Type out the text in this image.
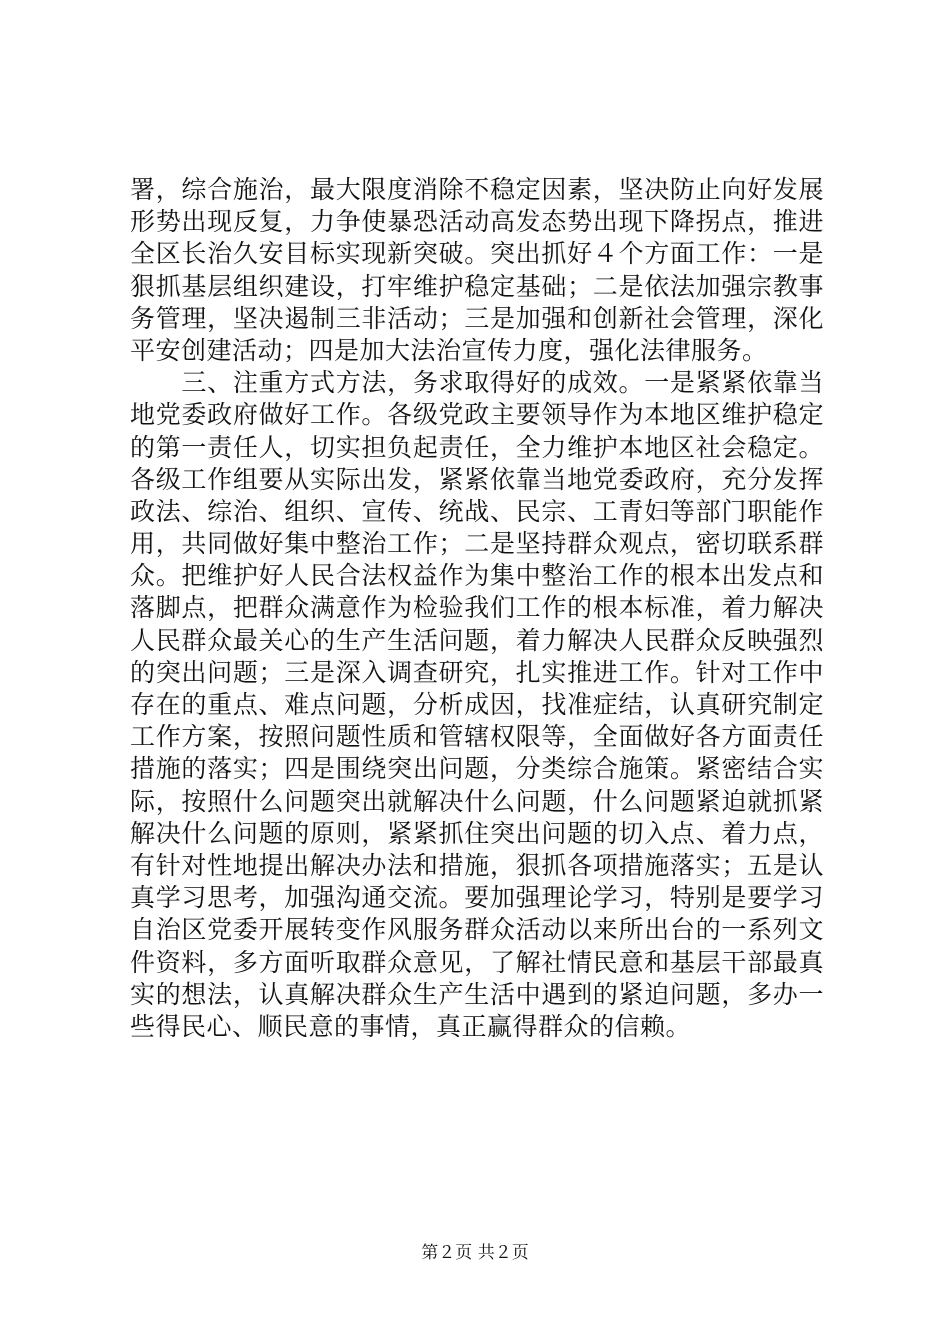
署，综合施治，最大限度消除不稳定因素，坚决防止向好发展
形势出现反复，力争使暴恐活动高发态势出现下降拐点，推进
全区长治久安目标实现新突破。突出抓好４个方面工作：一是
狠抓基层组织建设，打牢维护稳定基础；二是依法加强宗教事
务管理，坚决遏制三非活动；三是加强和创新社会管理，深化
平安创建活动；四是加大法治宣传力度，强化法律服务。
　　三、注重方式方法，务求取得好的成效。一是紧紧依靠当
地党委政府做好工作。各级党政主要领导作为本地区维护稳定
的第一责任人，切实担负起责任，全力维护本地区社会稳定。
各级工作组要从实际出发，紧紧依靠当地党委政府，充分发挥
政法、综治、组织、宣传、统战、民宗、工青妇等部门职能作
用，共同做好集中整治工作；二是坚持群众观点，密切联系群
众。把维护好人民合法权益作为集中整治工作的根本出发点和
落脚点，把群众满意作为检验我们工作的根本标准，着力解决
人民群众最关心的生产生活问题，着力解决人民群众反映强烈
的突出问题；三是深入调查研究，扎实推进工作。针对工作中
存在的重点、难点问题，分析成因，找准症结，认真研究制定
工作方案，按照问题性质和管辖权限等，全面做好各方面责任
措施的落实；四是围绕突出问题，分类综合施策。紧密结合实
际，按照什么问题突出就解决什么问题，什么问题紧迫就抓紧
解决什么问题的原则，紧紧抓住突出问题的切入点、着力点，
有针对性地提出解决办法和措施，狠抓各项措施落实；五是认
真学习思考，加强沟通交流。要加强理论学习，特别是要学习
自治区党委开展转变作风服务群众活动以来所出台的一系列文
件资料，多方面听取群众意见，了解社情民意和基层干部最真
实的想法，认真解决群众生产生活中遇到的紧迫问题，多办一
些得民心、顺民意的事情，真正赢得群众的信赖。
第２页 共２页
